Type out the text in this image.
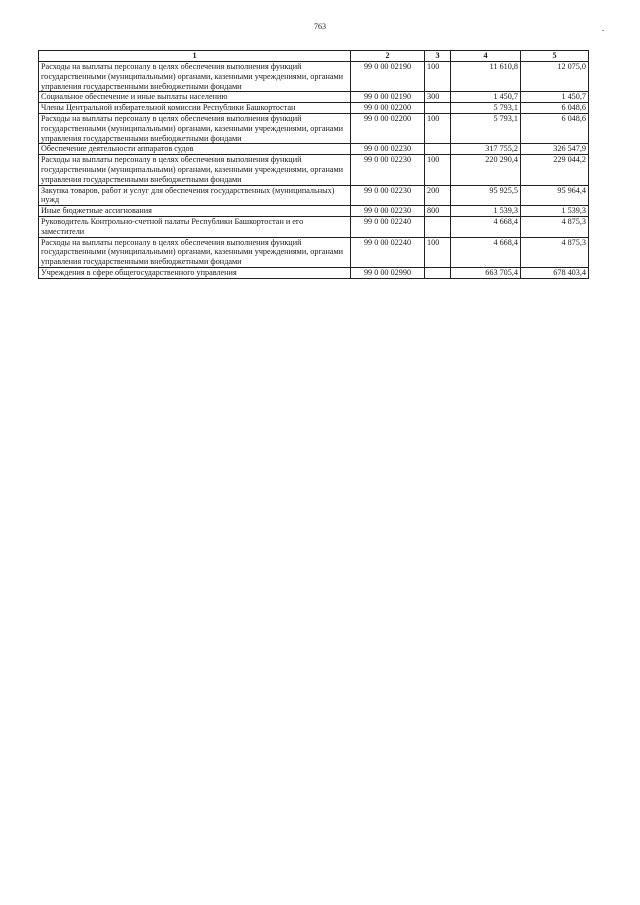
763
1	2	3	4	5
Расходы на выплаты персоналу в целях обеспечения выполнения функций государственными (муниципальными) органами, казенными учреждениями, органами управления государственными внебюджетными фондами	99 0 00 02190	100	11 610,8	12 075,0
Социальное обеспечение и иные выплаты населению	99 0 00 02190	300	1 450,7	1 450,7
Члены Центральной избирательной комиссии Республики Башкортостан	99 0 00 02200		5 793,1	6 048,6
Расходы на выплаты персоналу в целях обеспечения выполнения функций государственными (муниципальными) органами, казенными учреждениями, органами управления государственными внебюджетными фондами	99 0 00 02200	100	5 793,1	6 048,6
Обеспечение деятельности аппаратов судов	99 0 00 02230		317 755,2	326 547,9
Расходы на выплаты персоналу в целях обеспечения выполнения функций государственными (муниципальными) органами, казенными учреждениями, органами управления государственными внебюджетными фондами	99 0 00 02230	100	220 290,4	229 044,2
Закупка товаров, работ и услуг для обеспечения государственных (муниципальных) нужд	99 0 00 02230	200	95 925,5	95 964,4
Иные бюджетные ассигнования	99 0 00 02230	800	1 539,3	1 539,3
Руководитель Контрольно-счетной палаты Республики Башкортостан и его заместители	99 0 00 02240		4 668,4	4 875,3
Расходы на выплаты персоналу в целях обеспечения выполнения функций государственными (муниципальными) органами, казенными учреждениями, органами управления государственными внебюджетными фондами	99 0 00 02240	100	4 668,4	4 875,3
Учреждения в сфере общегосударственного управления	99 0 00 02990		663 705,4	678 403,4
